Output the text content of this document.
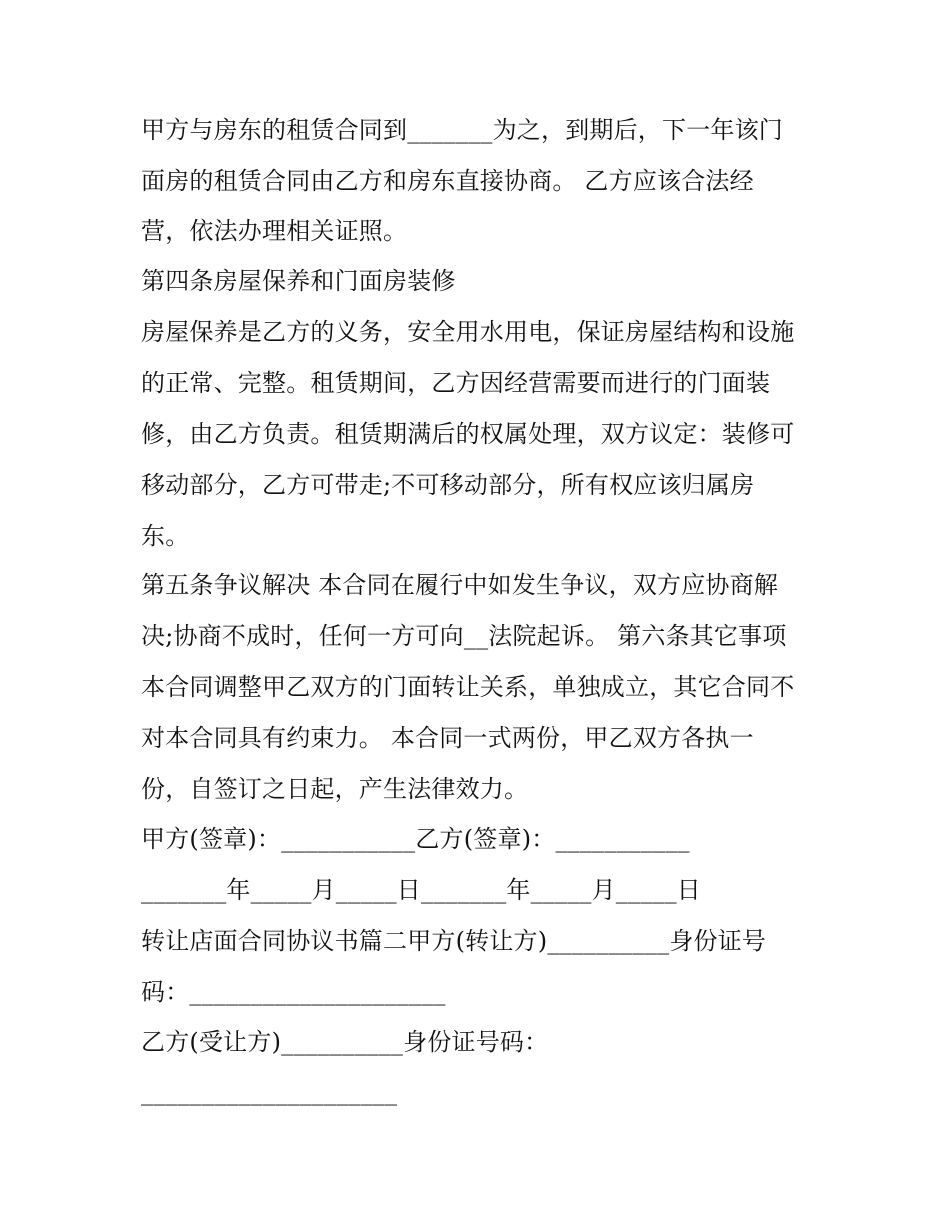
甲方与房东的租赁合同到_______为之，到期后，下一年该门
面房的租赁合同由乙方和房东直接协商。 乙方应该合法经
营，依法办理相关证照。
第四条房屋保养和门面房装修
房屋保养是乙方的义务，安全用水用电，保证房屋结构和设施
的正常、完整。租赁期间，乙方因经营需要而进行的门面装
修，由乙方负责。租赁期满后的权属处理，双方议定：装修可
移动部分，乙方可带走;不可移动部分，所有权应该归属房
东。
第五条争议解决 本合同在履行中如发生争议，双方应协商解
决;协商不成时，任何一方可向__法院起诉。 第六条其它事项
本合同调整甲乙双方的门面转让关系，单独成立，其它合同不
对本合同具有约束力。 本合同一式两份，甲乙双方各执一
份，自签订之日起，产生法律效力。
甲方(签章)：___________乙方(签章)：___________
_______年_____月_____日_______年_____月_____日
转让店面合同协议书篇二甲方(转让方)__________身份证号
码：_____________________
乙方(受让方)__________身份证号码：
_____________________
